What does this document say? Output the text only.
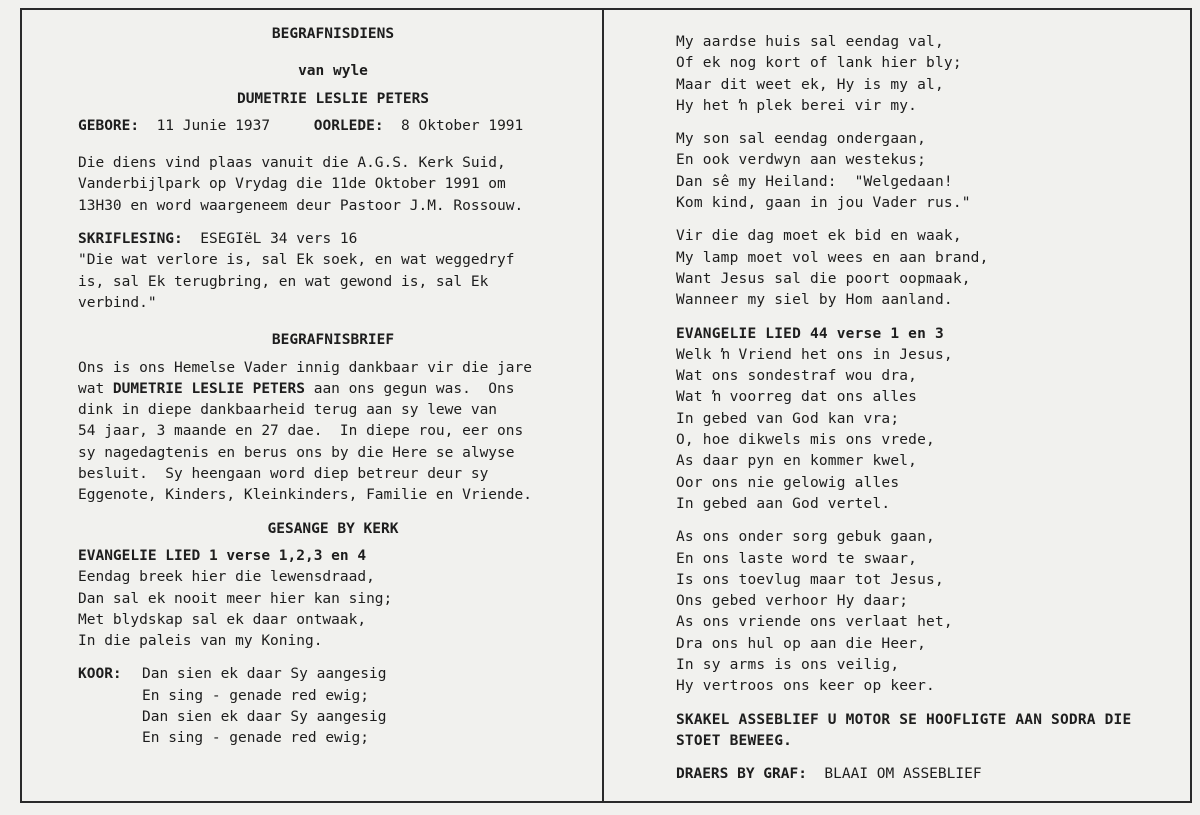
BEGRAFNISDIENS
van wyle
DUMETRIE LESLIE PETERS
GEBORE: 11 Junie 1937	OORLEDE: 8 Oktober 1991
Die diens vind plaas vanuit die A.G.S. Kerk Suid,
Vanderbijlpark op Vrydag die 11de Oktober 1991 om
13H30 en word waargeneem deur Pastoor J.M. Rossouw.
SKRIFLESING: ESEGIëL 34 vers 16
"Die wat verlore is, sal Ek soek, en wat weggedryf
is, sal Ek terugbring, en wat gewond is, sal Ek
verbind."
BEGRAFNISBRIEF
Ons is ons Hemelse Vader innig dankbaar vir die jare
wat DUMETRIE LESLIE PETERS aan ons gegun was.  Ons
dink in diepe dankbaarheid terug aan sy lewe van
54 jaar, 3 maande en 27 dae.  In diepe rou, eer ons
sy nagedagtenis en berus ons by die Here se alwyse
besluit.  Sy heengaan word diep betreur deur sy
Eggenote, Kinders, Kleinkinders, Familie en Vriende.
GESANGE BY KERK
EVANGELIE LIED 1 verse 1,2,3 en 4
Eendag breek hier die lewensdraad,
Dan sal ek nooit meer hier kan sing;
Met blydskap sal ek daar ontwaak,
In die paleis van my Koning.
KOOR:	Dan sien ek daar Sy aangesig
En sing - genade red ewig;
Dan sien ek daar Sy aangesig
En sing - genade red ewig;
My aardse huis sal eendag val,
Of ek nog kort of lank hier bly;
Maar dit weet ek, Hy is my al,
Hy het ŉ plek berei vir my.
My son sal eendag ondergaan,
En ook verdwyn aan westekus;
Dan sê my Heiland:  "Welgedaan!
Kom kind, gaan in jou Vader rus."
Vir die dag moet ek bid en waak,
My lamp moet vol wees en aan brand,
Want Jesus sal die poort oopmaak,
Wanneer my siel by Hom aanland.
EVANGELIE LIED 44 verse 1 en 3
Welk ŉ Vriend het ons in Jesus,
Wat ons sondestraf wou dra,
Wat ŉ voorreg dat ons alles
In gebed van God kan vra;
O, hoe dikwels mis ons vrede,
As daar pyn en kommer kwel,
Oor ons nie gelowig alles
In gebed aan God vertel.
As ons onder sorg gebuk gaan,
En ons laste word te swaar,
Is ons toevlug maar tot Jesus,
Ons gebed verhoor Hy daar;
As ons vriende ons verlaat het,
Dra ons hul op aan die Heer,
In sy arms is ons veilig,
Hy vertroos ons keer op keer.
SKAKEL ASSEBLIEF U MOTOR SE HOOFLIGTE AAN SODRA DIE
STOET BEWEEG.
DRAERS BY GRAF: BLAAI OM ASSEBLIEF
